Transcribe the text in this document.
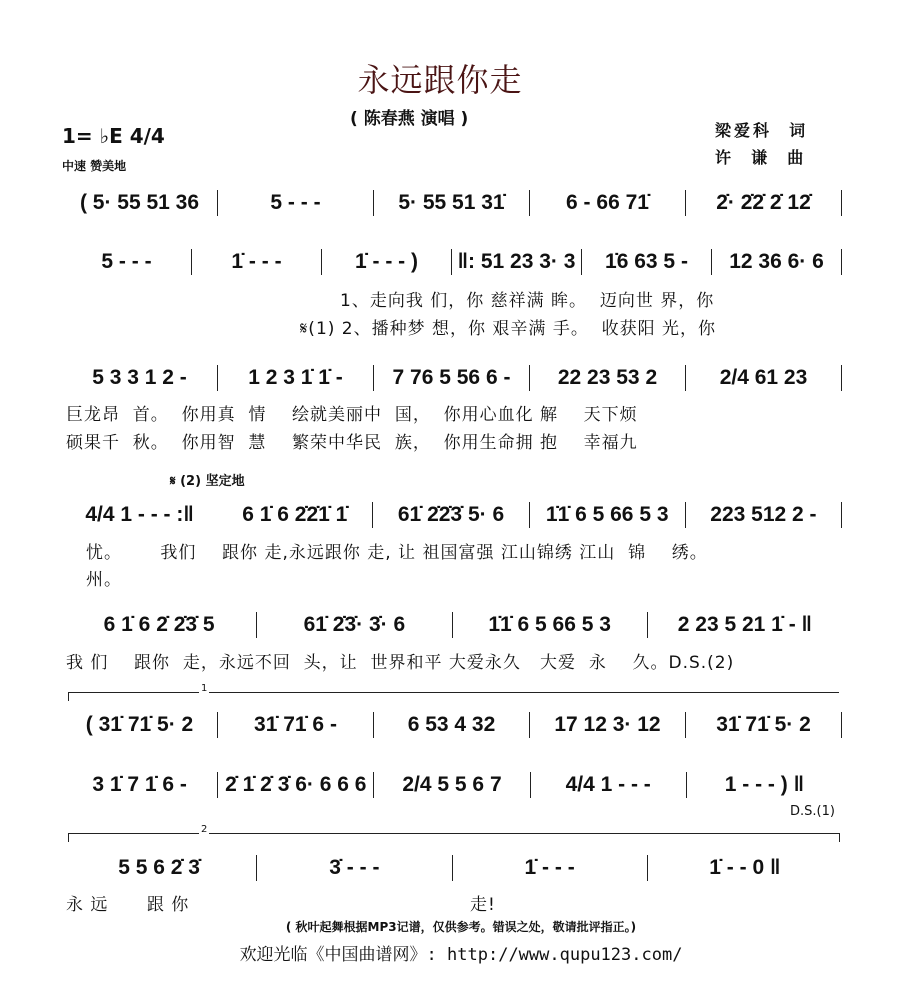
永远跟你走
( 陈春燕 演唱 )
梁爱科  词
许  谦  曲
1= ♭E 4/4
中速 赞美地
( 5· 55 51 36	5 - - -	5· 55 51 31̇	6 - 66 71̇	2̇· 2̇2̇ 2̇ 12̇
5 - - -	1̇ - - -	1̇ - - - )	‖: 51 23 3· 3	1̇6 63 5 -	12 36 6· 6
1、走向我 们，你 慈祥满 眸。  迈向世 界，你
𝄋(1) 2、播种梦 想，你 艰辛满 手。  收获阳 光，你
5 3 3 1 2 -	1 2 3 1̇ 1̇ -	7 76 5 56 6 -	22 23 53 2	2/4 61 23
巨龙昂  首。  你用真  情    绘就美丽中  国，  你用心血化 解    天下烦
硕果千  秋。  你用智  慧    繁荣中华民  族，  你用生命拥 抱    幸福九
𝄋 (2) 坚定地
4/4 1 - - - :‖	6 1̇ 6 2̇2̇1̇ 1̇	61̇ 2̇2̇3̇ 5· 6	1̇1̇ 6 5 66 5 3	223 512 2 -
忧。      我们    跟你 走,永远跟你 走, 让 祖国富强 江山锦绣 江山  锦    绣。
州。
6 1̇ 6 2̇ 2̇3̇ 5	61̇ 2̇3̇· 3̇· 6	1̇1̇ 6 5 66 5 3	2 23 5 21 1̇ - ‖
我 们    跟你  走，永远不回  头，让  世界和平 大爱永久   大爱  永    久。D.S.(2)
1
( 31̇ 71̇ 5· 2	31̇ 71̇ 6 -	6 53 4 32	17 12 3· 12	31̇ 71̇ 5· 2
3 1̇ 7 1̇ 6 -	2̇ 1̇ 2̇ 3̇ 6· 6 6 6	2/4 5 5 6 7	4/4 1 - - -	1 - - - ) ‖
D.S.(1)
2
5 5 6 2̇ 3̇	3̇ - - -	1̇ - - -	1̇ - - 0 ‖
永 远      跟 你	走!
( 秋叶起舞根据MP3记谱，仅供参考。错误之处，敬请批评指正。)
欢迎光临《中国曲谱网》: http://www.qupu123.com/
